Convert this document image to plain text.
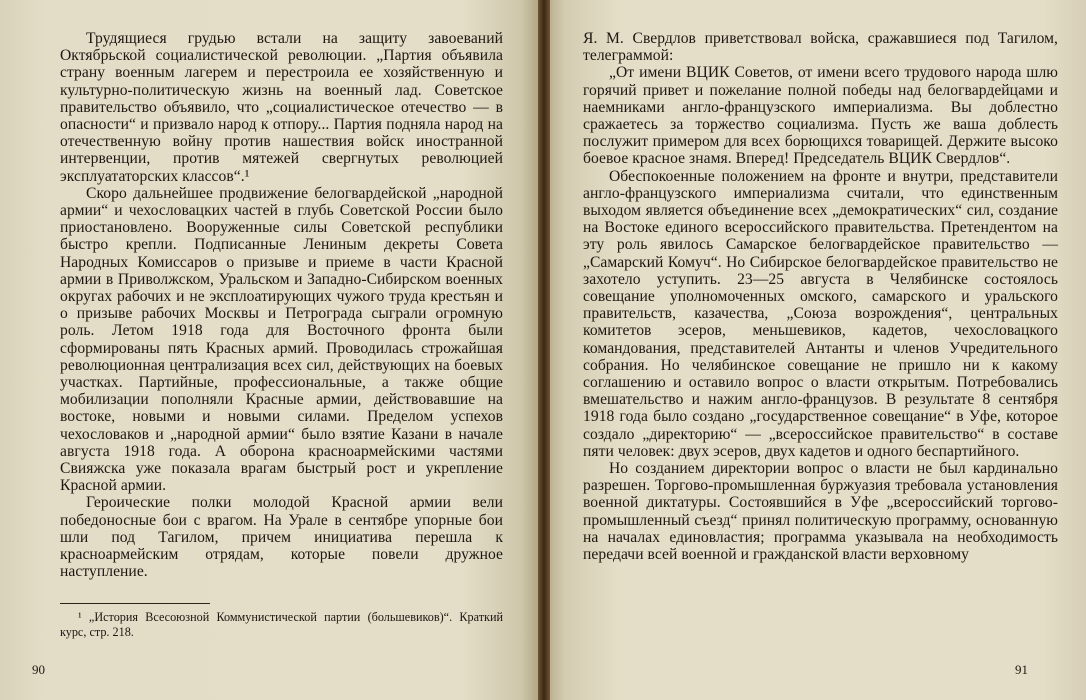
Трудящиеся грудью встали на защиту завоеваний Октябрьской социалистической революции. „Партия объявила страну военным лагерем и перестроила ее хозяйственную и культурно-политическую жизнь на военный лад. Советское правительство объявило, что „социалистическое отечество — в опасности“ и призвало народ к отпору... Партия подняла народ на отечественную войну против нашествия войск иностранной интервенции, против мятежей свергнутых революцией эксплуататорских классов“.¹

Скоро дальнейшее продвижение белогвардейской „народной армии“ и чехословацких частей в глубь Советской России было приостановлено. Вооруженные силы Советской республики быстро крепли. Подписанные Лениным декреты Совета Народных Комиссаров о призыве и приеме в части Красной армии в Приволжском, Уральском и Западно-Сибирском военных округах рабочих и не эксплоатирующих чужого труда крестьян и о призыве рабочих Москвы и Петрограда сыграли огромную роль. Летом 1918 года для Восточного фронта были сформированы пять Красных армий. Проводилась строжайшая революционная централизация всех сил, действующих на боевых участках. Партийные, профессиональные, а также общие мобилизации пополняли Красные армии, действовавшие на востоке, новыми и новыми силами. Пределом успехов чехословаков и „народной армии“ было взятие Казани в начале августа 1918 года. А оборона красноармейскими частями Свияжска уже показала врагам быстрый рост и укрепление Красной армии.

Героические полки молодой Красной армии вели победоносные бои с врагом. На Урале в сентябре упорные бои шли под Тагилом, причем инициатива перешла к красноармейским отрядам, которые повели дружное наступление.

¹ „История Всесоюзной Коммунистической партии (большевиков)“. Краткий курс, стр. 218.

90

Я. М. Свердлов приветствовал войска, сражавшиеся под Тагилом, телеграммой:

„От имени ВЦИК Советов, от имени всего трудового народа шлю горячий привет и пожелание полной победы над белогвардейцами и наемниками англо-французского империализма. Вы доблестно сражаетесь за торжество социализма. Пусть же ваша доблесть послужит примером для всех борющихся товарищей. Держите высоко боевое красное знамя. Вперед! Председатель ВЦИК Свердлов“.

Обеспокоенные положением на фронте и внутри, представители англо-французского империализма считали, что единственным выходом является объединение всех „демократических“ сил, создание на Востоке единого всероссийского правительства. Претендентом на эту роль явилось Самарское белогвардейское правительство — „Самарский Комуч“. Но Сибирское белогвардейское правительство не захотело уступить. 23—25 августа в Челябинске состоялось совещание уполномоченных омского, самарского и уральского правительств, казачества, „Союза возрождения“, центральных комитетов эсеров, меньшевиков, кадетов, чехословацкого командования, представителей Антанты и членов Учредительного собрания. Но челябинское совещание не пришло ни к какому соглашению и оставило вопрос о власти открытым. Потребовались вмешательство и нажим англо-французов. В результате 8 сентября 1918 года было создано „государственное совещание“ в Уфе, которое создало „директорию“ — „всероссийское правительство“ в составе пяти человек: двух эсеров, двух кадетов и одного беспартийного.

Но созданием директории вопрос о власти не был кардинально разрешен. Торгово-промышленная буржуазия требовала установления военной диктатуры. Состоявшийся в Уфе „всероссийский торгово-промышленный съезд“ принял политическую программу, основанную на началах единовластия; программа указывала на необходимость передачи всей военной и гражданской власти верховному

91
